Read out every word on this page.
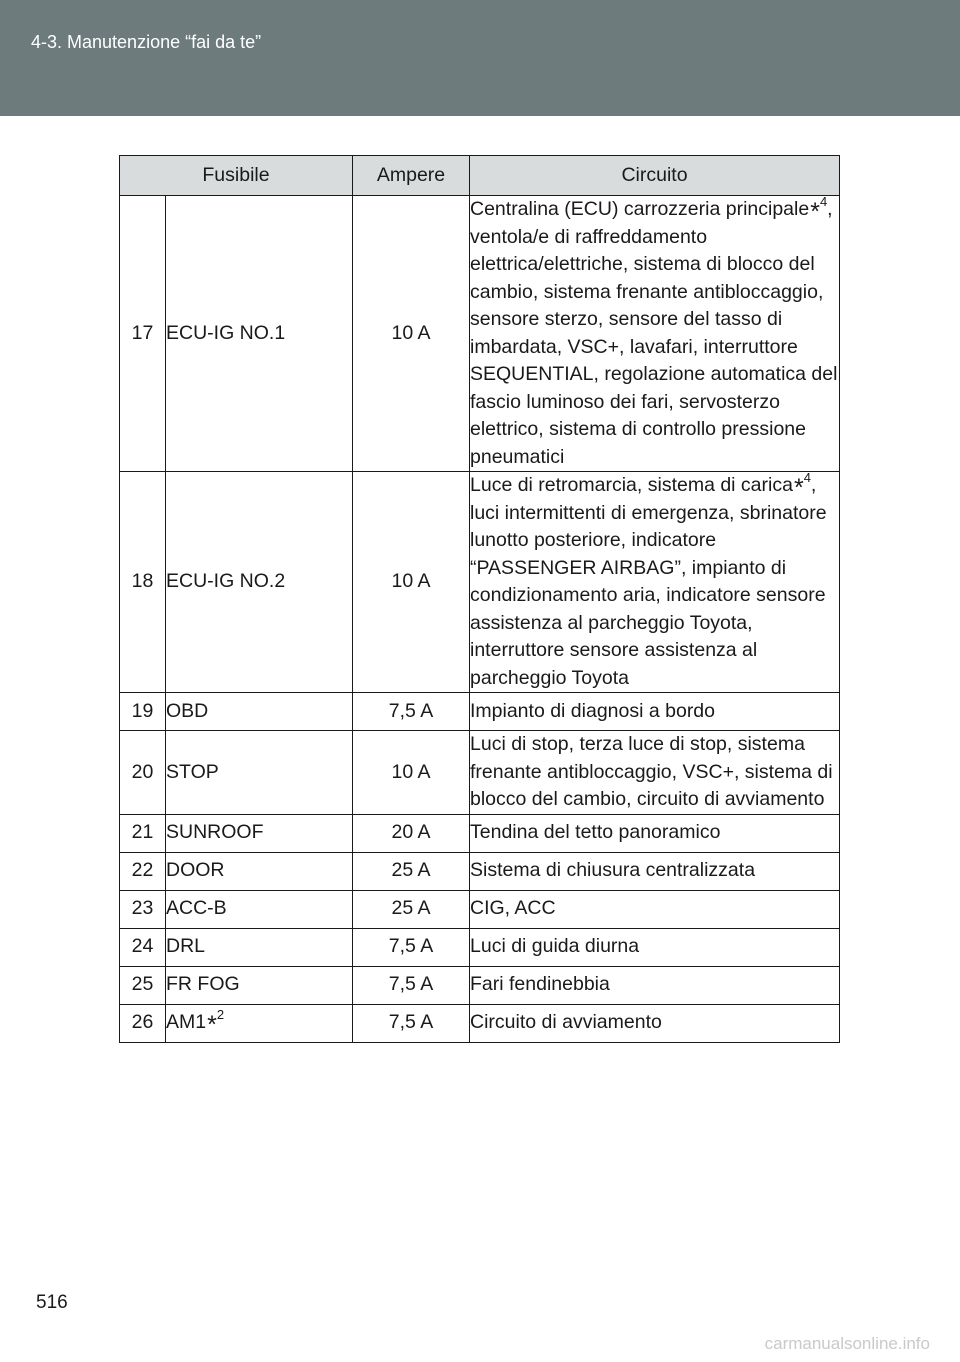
4-3. Manutenzione “fai da te”
Fusibile		Ampere	Circuito
17	ECU-IG NO.1	10 A	Centralina (ECU) carrozzeria principale*$^4$, ventola/e di raffreddamento elettrica/elettriche, sistema di blocco del cambio, sistema frenante antibloccaggio, sensore sterzo, sensore del tasso di imbardata, VSC+, lavafari, interruttore SEQUENTIAL, regolazione automatica del fascio luminoso dei fari, servosterzo elettrico, sistema di controllo pressione pneumatici
18	ECU-IG NO.2	10 A	Luce di retromarcia, sistema di carica*$^4$, luci intermittenti di emergenza, sbrinatore lunotto posteriore, indicatore “PASSENGER AIRBAG”, impianto di condizionamento aria, indicatore sensore assistenza al parcheggio Toyota, interruttore sensore assistenza al parcheggio Toyota
19	OBD	7,5 A	Impianto di diagnosi a bordo
20	STOP	10 A	Luci di stop, terza luce di stop, sistema frenante antibloccaggio, VSC+, sistema di blocco del cambio, circuito di avviamento
21	SUNROOF	20 A	Tendina del tetto panoramico
22	DOOR	25 A	Sistema di chiusura centralizzata
23	ACC-B	25 A	CIG, ACC
24	DRL	7,5 A	Luci di guida diurna
25	FR FOG	7,5 A	Fari fendinebbia
26	AM1*$^2$	7,5 A	Circuito di avviamento
516
carmanualsonline.info
